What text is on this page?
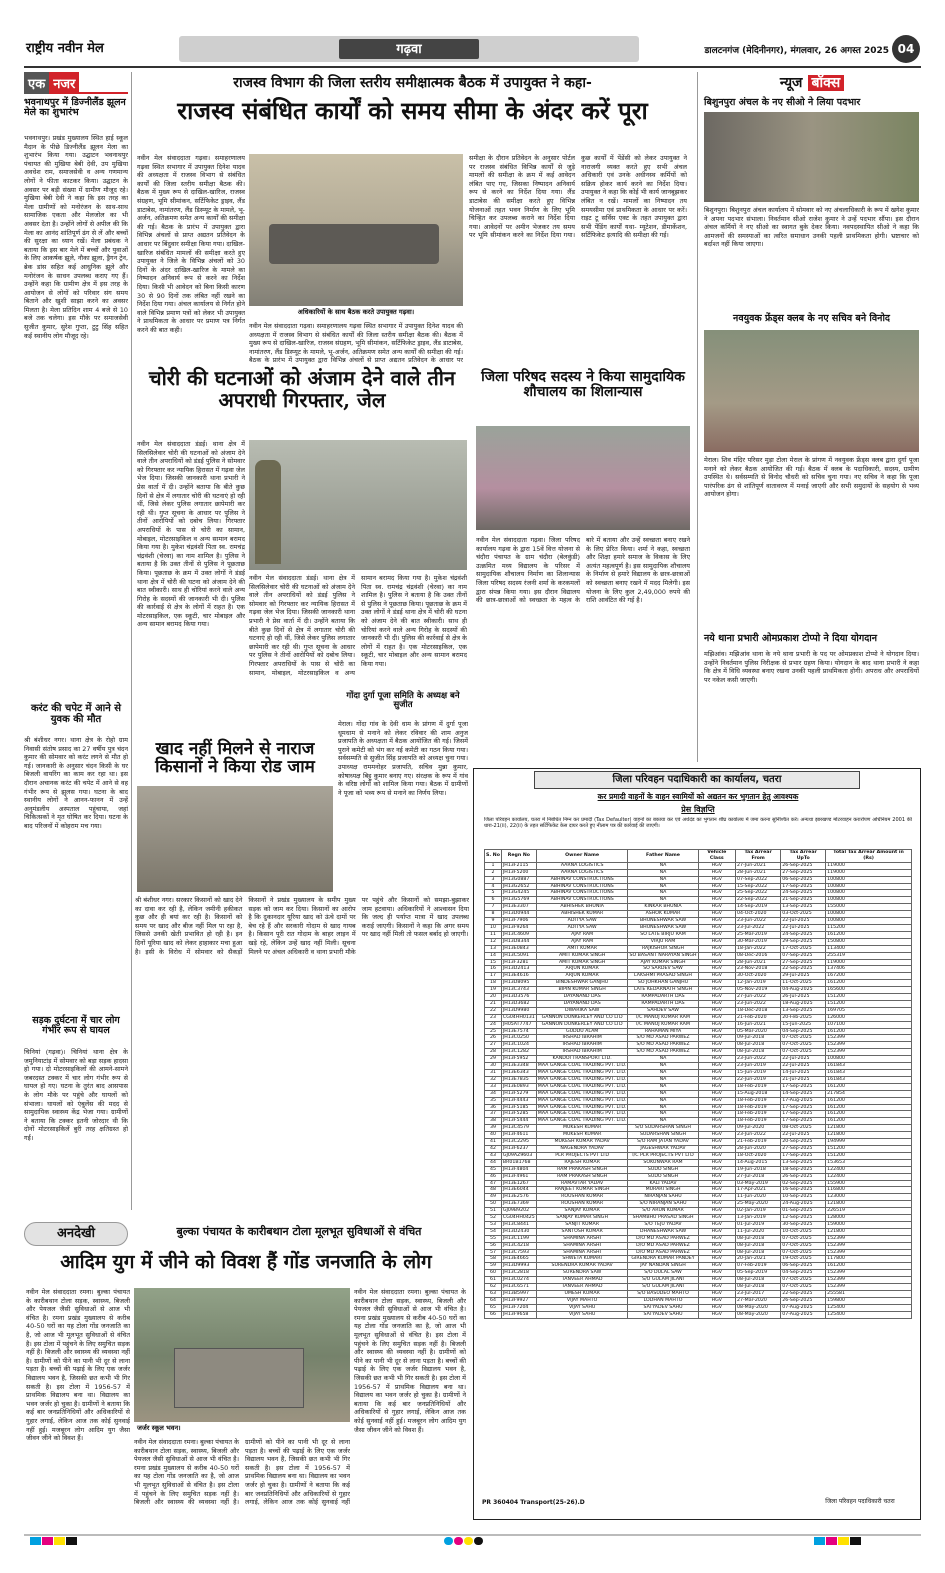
राष्ट्रीय नवीन मेल	गढ़वा	डालटनगंज (मेदिनीनगर), मंगलवार, 26 अगस्त 2025 04
एक नजर
भवनाथपुर में डिज्नीलैंड झूलन मेले का शुभारंभ
भवनाथपुर। प्रखंड मुख्यालय स्थित हाई स्कूल मैदान के पीछे डिज्नीलैंड झूलन मेला का शुभारंभ किया गया। उद्घाटन भवनाथपुर पंचायत की मुखिया बेबी देवी, उप मुखिया अवधेश राम, समाजसेवी व अन्य गणमान्य लोगों ने फीता काटकर किया। उद्घाटन के अवसर पर बड़ी संख्या में ग्रामीण मौजूद रहे। मुखिया बेबी देवी ने कहा कि इस तरह का मेला ग्रामीणों को मनोरंजन के साथ-साथ सामाजिक एकता और मेलजोल का भी अवसर देता है। उन्होंने लोगों से अपील की कि मेला का आनंद शांतिपूर्ण ढंग से लें और बच्चों की सुरक्षा का ध्यान रखें। मेला प्रबंधक ने बताया कि इस बार मेले में बच्चों और युवाओं के लिए आकर्षक झूले, नौका झूला, ड्रैगन ट्रेन, ब्रेक डांस सहित कई आधुनिक झूले और मनोरंजन के साधन उपलब्ध कराए गए हैं। उन्होंने कहा कि ग्रामीण क्षेत्र में इस तरह के आयोजन से लोगों को परिवार संग समय बिताने और खुशी साझा करने का अवसर मिलता है। मेला प्रतिदिन शाम 4 बजे से 10 बजे तक चलेगा। इस मौके पर समाजसेवी सुजीत कुमार, सुरेश गुप्ता, टुटु सिंह सहित कई स्थानीय लोग मौजूद रहे।
करंट की चपेट में आने से युवक की मौत
श्री बंशीधर नगर। थाना क्षेत्र के रोहो ग्राम निवासी संतोष प्रसाद का 27 वर्षीय पुत्र चंदन कुमार की सोमवार को करंट लगने से मौत हो गई। जानकारी के अनुसार चंदन किसी के घर बिजली वायरिंग का काम कर रहा था। इस दौरान अचानक करंट की चपेट में आने से वह गंभीर रूप से झुलस गया। घटना के बाद स्थानीय लोगों ने आनन-फानन में उन्हें अनुमंडलीय अस्पताल पहुंचाया, जहां चिकित्सकों ने मृत घोषित कर दिया। घटना के बाद परिजनों में कोहराम मच गया।
सड़क दुर्घटना में चार लोग गंभीर रूप से घायल
चिनियां (गढ़वा)। चिनियां थाना क्षेत्र के जमुनियाटांड़ में सोमवार को बड़ा सड़क हादसा हो गया। दो मोटरसाइकिलों की आमने-सामने जबरदस्त टक्कर में चार लोग गंभीर रूप से घायल हो गए। घटना के तुरंत बाद आसपास के लोग मौके पर पहुंचे और घायलों को संभाला। घायलों को एंबुलेंस की मदद से सामुदायिक स्वास्थ्य केंद्र भेजा गया। ग्रामीणों ने बताया कि टक्कर इतनी जोरदार थी कि दोनों मोटरसाइकिलें बुरी तरह क्षतिग्रस्त हो गईं।
राजस्व विभाग की जिला स्तरीय समीक्षात्मक बैठक में उपायुक्त ने कहा-
राजस्व संबंधित कार्यों को समय सीमा के अंदर करें पूरा
नवीन मेल संवाददाता गढ़वा। समाहरणालय गढ़वा स्थित सभागार में उपायुक्त दिनेश यादव की अध्यक्षता में राजस्व विभाग से संबंधित कार्यों की जिला स्तरीय समीक्षा बैठक की। बैठक में मुख्य रूप से दाखिल-खारिज, राजस्व संग्रहण, भूमि सीमांकन, सर्टिफिकेट ड्राइव, लैंड डाटाबेस, नामांतरण, लैंड डिस्प्यूट के मामले, भू-अर्जन, अतिक्रमण समेत अन्य कार्यों की समीक्षा की गई। बैठक के प्रारंभ में उपायुक्त द्वारा विभिन्न अंचलों से प्राप्त अद्यतन प्रतिवेदन के आधार पर बिंदुवार समीक्षा किया गया। दाखिल-खारिज संबंधित मामलों की समीक्षा करते हुए उपायुक्त ने जिले के विभिन्न अंचलों को 30 दिनों के अंदर दाखिल-खारिज के मामले का निष्पादन अनिवार्य रूप से करने का निर्देश दिया। किसी भी आवेदन को बिना किसी कारण 30 से 90 दिनों तक लंबित नहीं रखने का निर्देश दिया गया। अंचल कार्यालय से निर्गत होने वाले विभिन्न प्रमाण पत्रों को लेकर भी उपायुक्त ने प्राथमिकता के आधार पर प्रमाण पत्र निर्गत करने की बात कही।
अधिकारियों के साथ बैठक करते उपायुक्त गढ़वा।
नवीन मेल संवाददाता गढ़वा। समाहरणालय गढ़वा स्थित सभागार में उपायुक्त दिनेश यादव की अध्यक्षता में राजस्व विभाग से संबंधित कार्यों की जिला स्तरीय समीक्षा बैठक की। बैठक में मुख्य रूप से दाखिल-खारिज, राजस्व संग्रहण, भूमि सीमांकन, सर्टिफिकेट ड्राइव, लैंड डाटाबेस, नामांतरण, लैंड डिस्प्यूट के मामले, भू-अर्जन, अतिक्रमण समेत अन्य कार्यों की समीक्षा की गई। बैठक के प्रारंभ में उपायुक्त द्वारा विभिन्न अंचलों से प्राप्त अद्यतन प्रतिवेदन के आधार पर
समीक्षा के दौरान प्रतिवेदन के अनुसार पोर्टल पर राजस्व संबंधित विभिन्न कार्यों से जुड़े मामलों की समीक्षा के क्रम में कई आवेदन लंबित पाए गए, जिसका निष्पादन अनिवार्य रूप से करने का निर्देश दिया गया। लैंड डाटाबेस की समीक्षा करते हुए विभिन्न योजनाओं तहत भवन निर्माण के लिए भूमि चिन्हित कर उपलब्ध कराने का निर्देश दिया गया। आवेदनों पर अमीन भेजकर तय समय पर भूमि सीमांकन करने का निर्देश दिया गया। कुछ कार्यों में पेंडेंसी को लेकर उपायुक्त ने नाराजगी व्यक्त करते हुए सभी अंचल अधिकारी एवं उनके अधीनस्थ कर्मियों को सक्रिय होकर कार्य करने का निर्देश दिया। उपायुक्त ने कहा कि कोई भी कार्य जानबूझकर लंबित न रखें। मामलों का निष्पादन तय समयसीमा एवं प्राथमिकता के आधार पर करें। राइट टू सर्विस एक्ट के तहत उपायुक्त द्वारा सभी पेंडिंग कार्यों यथा- म्यूटेशन, डीमार्केशन, सर्टिफिकेट इत्यादि की समीक्षा की गई।
चोरी की घटनाओं को अंजाम देने वाले तीन अपराधी गिरफ्तार, जेल
नवीन मेल संवाददाता डंडई। थाना क्षेत्र में सिलसिलेवार चोरी की घटनाओं को अंजाम देने वाले तीन अपराधियों को डंडई पुलिस ने सोमवार को गिरफ्तार कर न्यायिक हिरासत में गढ़वा जेल भेज दिया। जिसकी जानकारी थाना प्रभारी ने प्रेस वार्ता में दी। उन्होंने बताया कि बीते कुछ दिनों से क्षेत्र में लगातार चोरी की घटनाएं हो रही थीं, जिसे लेकर पुलिस लगातार छापेमारी कर रही थी। गुप्त सूचना के आधार पर पुलिस ने तीनों आरोपियों को दबोच लिया। गिरफ्तार अपराधियों के पास से चोरी का सामान, मोबाइल, मोटरसाइकिल व अन्य सामान बरामद किया गया है। मुकेश चंद्रवंशी पिता स्व. रामचंद्र चंद्रवंशी (चेरवा) का नाम शामिल है। पुलिस ने बताया है कि उक्त तीनों से पुलिस ने पूछताछ किया। पूछताछ के क्रम में उक्त लोगों ने डंडई थाना क्षेत्र में चोरी की घटना को अंजाम देने की बात स्वीकारी। साथ ही चोरियां करने वाले अन्य गिरोह के सदस्यों की जानकारी भी दी। पुलिस की कार्रवाई से क्षेत्र के लोगों में राहत है। एक मोटरसाइकिल, एक स्कूटी, चार मोबाइल और अन्य सामान बरामद किया गया।
नवीन मेल संवाददाता डंडई। थाना क्षेत्र में सिलसिलेवार चोरी की घटनाओं को अंजाम देने वाले तीन अपराधियों को डंडई पुलिस ने सोमवार को गिरफ्तार कर न्यायिक हिरासत में गढ़वा जेल भेज दिया। जिसकी जानकारी थाना प्रभारी ने प्रेस वार्ता में दी। उन्होंने बताया कि बीते कुछ दिनों से क्षेत्र में लगातार चोरी की घटनाएं हो रही थीं, जिसे लेकर पुलिस लगातार छापेमारी कर रही थी। गुप्त सूचना के आधार पर पुलिस ने तीनों आरोपियों को दबोच लिया। गिरफ्तार अपराधियों के पास से चोरी का सामान, मोबाइल, मोटरसाइकिल व अन्य सामान बरामद किया गया है। मुकेश चंद्रवंशी पिता स्व. रामचंद्र चंद्रवंशी (चेरवा) का नाम शामिल है। पुलिस ने बताया है कि उक्त तीनों से पुलिस ने पूछताछ किया। पूछताछ के क्रम में उक्त लोगों ने डंडई थाना क्षेत्र में चोरी की घटना को अंजाम देने की बात स्वीकारी। साथ ही चोरियां करने वाले अन्य गिरोह के सदस्यों की जानकारी भी दी। पुलिस की कार्रवाई से क्षेत्र के लोगों में राहत है। एक मोटरसाइकिल, एक स्कूटी, चार मोबाइल और अन्य सामान बरामद किया गया।
जिला परिषद सदस्य ने किया सामुदायिक शौचालय का शिलान्यास
नवीन मेल संवाददाता गढ़वा। जिला परिषद कार्यालय गढ़वा के द्वारा 15वें वित्त योजना से चंदौरा पंचायत के ग्राम चंदौरा (बेलकुंडी) उत्क्रमित मध्य विद्यालय के परिसर में सामुदायिक शौचालय निर्माण का शिलान्यास जिला परिषद सदस्य रंजनी शर्मा के करकमलों द्वारा संपन्न किया गया। इस दौरान विद्यालय की छात्र-छात्राओं को स्वच्छता के महत्व के बारे में बताया और उन्हें स्वच्छता बनाए रखने के लिए प्रेरित किया। शर्मा ने कहा, स्वच्छता और शिक्षा हमारे समाज के विकास के लिए अत्यंत महत्वपूर्ण है। इस सामुदायिक शौचालय के निर्माण से हमारे विद्यालय के छात्र-छात्राओं को स्वच्छता बनाए रखने में मदद मिलेगी। इस योजना के लिए कुल 2,49,000 रुपये की राशि आवंटित की गई है।
गोंदा दुर्गा पूजा समिति के अध्यक्ष बने सुजीत
मेराल। गोंदा गांव के देवी धाम के प्रांगण में दुर्गा पूजा धूमधाम से मनाने को लेकर रविवार की शाम अनुज प्रजापति के अध्यक्षता में बैठक आयोजित की गई। जिसमें पुराने कमेटी को भंग कर नई कमेटी का गठन किया गया। सर्वसम्मति से सुजीत सिंह प्रजापति को अध्यक्ष चुना गया। उपाध्यक्ष राममनोहर प्रजापति, सचिव मुन्ना कुमार, कोषाध्यक्ष बिट्टू कुमार बनाए गए। संरक्षक के रूप में गांव के वरिष्ठ लोगों को शामिल किया गया। बैठक में ग्रामीणों ने पूजा को भव्य रूप से मनाने का निर्णय लिया।
खाद नहीं मिलने से नाराज किसानों ने किया रोड जाम
श्री बंशीधर नगर। सरकार किसानों को खाद देने का दावा कर रही है, लेकिन जमीनी हकीकत कुछ और ही बयां कर रही है। किसानों को समय पर खाद और बीज नहीं मिल पा रहा है, जिससे उनकी खेती प्रभावित हो रही है। इन दिनों यूरिया खाद को लेकर हाहाकार मचा हुआ है। इसी के विरोध में सोमवार को सैकड़ों किसानों ने प्रखंड मुख्यालय के समीप मुख्य सड़क को जाम कर दिया। किसानों का आरोप है कि दुकानदार यूरिया खाद को ऊंचे दामों पर बेच रहे हैं और सरकारी गोदाम से खाद गायब है। किसान पूरी रात गोदाम के बाहर लाइन में खड़े रहे, लेकिन उन्हें खाद नहीं मिली। सूचना मिलने पर अंचल अधिकारी व थाना प्रभारी मौके पर पहुंचे और किसानों को समझा-बुझाकर जाम हटवाया। अधिकारियों ने आश्वासन दिया कि जल्द ही पर्याप्त मात्रा में खाद उपलब्ध कराई जाएगी। किसानों ने कहा कि अगर समय पर खाद नहीं मिली तो फसल बर्बाद हो जाएगी।
अनदेखी	बुल्का पंचायत के कारीबथान टोला मूलभूत सुविधाओं से वंचित
आदिम युग में जीने को विवश हैं गोंड जनजाति के लोग
नवीन मेल संवाददाता रमना। बुल्का पंचायत के कारीबथान टोला सड़क, स्वास्थ्य, बिजली और पेयजल जैसी सुविधाओं से आज भी वंचित है। रमना प्रखंड मुख्यालय से करीब 40-50 घरों का यह टोला गोंड जनजाति का है, जो आज भी मूलभूत सुविधाओं से वंचित है। इस टोला में पहुंचने के लिए समुचित सड़क नहीं है। बिजली और स्वास्थ्य की व्यवस्था नहीं है। ग्रामीणों को पीने का पानी भी दूर से लाना पड़ता है। बच्चों की पढ़ाई के लिए एक जर्जर विद्यालय भवन है, जिसकी छत कभी भी गिर सकती है। इस टोला में 1956-57 में प्राथमिक विद्यालय बना था। विद्यालय का भवन जर्जर हो चुका है। ग्रामीणों ने बताया कि कई बार जनप्रतिनिधियों और अधिकारियों से गुहार लगाई, लेकिन आज तक कोई सुनवाई नहीं हुई। मजबूरन लोग आदिम युग जैसा जीवन जीने को विवश हैं।
जर्जर स्कूल भवन।
नवीन मेल संवाददाता रमना। बुल्का पंचायत के कारीबथान टोला सड़क, स्वास्थ्य, बिजली और पेयजल जैसी सुविधाओं से आज भी वंचित है। रमना प्रखंड मुख्यालय से करीब 40-50 घरों का यह टोला गोंड जनजाति का है, जो आज भी मूलभूत सुविधाओं से वंचित है। इस टोला में पहुंचने के लिए समुचित सड़क नहीं है। बिजली और स्वास्थ्य की व्यवस्था नहीं है। ग्रामीणों को पीने का पानी भी दूर से लाना पड़ता है। बच्चों की पढ़ाई के लिए एक जर्जर विद्यालय भवन है, जिसकी छत कभी भी गिर सकती है। इस टोला में 1956-57 में प्राथमिक विद्यालय बना था। विद्यालय का भवन जर्जर हो चुका है। ग्रामीणों ने बताया कि कई बार जनप्रतिनिधियों और अधिकारियों से गुहार लगाई, लेकिन आज तक कोई सुनवाई नहीं
नवीन मेल संवाददाता रमना। बुल्का पंचायत के कारीबथान टोला सड़क, स्वास्थ्य, बिजली और पेयजल जैसी सुविधाओं से आज भी वंचित है। रमना प्रखंड मुख्यालय से करीब 40-50 घरों का यह टोला गोंड जनजाति का है, जो आज भी मूलभूत सुविधाओं से वंचित है। इस टोला में पहुंचने के लिए समुचित सड़क नहीं है। बिजली और स्वास्थ्य की व्यवस्था नहीं है। ग्रामीणों को पीने का पानी भी दूर से लाना पड़ता है। बच्चों की पढ़ाई के लिए एक जर्जर विद्यालय भवन है, जिसकी छत कभी भी गिर सकती है। इस टोला में 1956-57 में प्राथमिक विद्यालय बना था। विद्यालय का भवन जर्जर हो चुका है। ग्रामीणों ने बताया कि कई बार जनप्रतिनिधियों और अधिकारियों से गुहार लगाई, लेकिन आज तक कोई सुनवाई नहीं हुई। मजबूरन लोग आदिम युग जैसा जीवन जीने को विवश हैं।
न्यूज बॉक्स
बिशुनपुरा अंचल के नए सीओ ने लिया पदभार
बिशुनपुरा। बिशुनपुरा अंचल कार्यालय में सोमवार को नए अंचलाधिकारी के रूप में खगेश कुमार ने अपना पदभार संभाला। निवर्तमान सीओ राजेश कुमार ने उन्हें पदभार सौंपा। इस दौरान अंचल कर्मियों ने नए सीओ का स्वागत बुके देकर किया। नवपदस्थापित सीओ ने कहा कि आमजनों की समस्याओं का त्वरित समाधान उनकी पहली प्राथमिकता होगी। भ्रष्टाचार को बर्दाश्त नहीं किया जाएगा।
नवयुवक फ्रेंड्स क्लब के नए सचिव बने विनोद
मेराल। शिव मंदिर परिसर मुड़ा टोला मेराल के प्रांगण में नवयुवक फ्रेंड्स क्लब द्वारा दुर्गा पूजा मनाने को लेकर बैठक आयोजित की गई। बैठक में क्लब के पदाधिकारी, सदस्य, ग्रामीण उपस्थित थे। सर्वसम्मति से विनोद चौधरी को सचिव चुना गया। नए सचिव ने कहा कि पूजा पारंपरिक ढंग से शांतिपूर्ण वातावरण में मनाई जाएगी और सभी समुदायों के सहयोग से भव्य आयोजन होगा।
नये थाना प्रभारी ओमप्रकाश टोप्पो ने दिया योगदान
मझिआंव। मझिआंव थाना के नये थाना प्रभारी के पद पर ओमप्रकाश टोप्पो ने योगदान दिया। उन्होंने निवर्तमान पुलिस निरीक्षक से प्रभार ग्रहण किया। योगदान के बाद थाना प्रभारी ने कहा कि क्षेत्र में विधि व्यवस्था बनाए रखना उनकी पहली प्राथमिकता होगी। अपराध और अपराधियों पर नकेल कसी जाएगी।
जिला परिवहन पदाधिकारी का कार्यालय, चतरा
कर प्रमादी वाहनों के वाहन स्वामियों को अद्यतन कर भुगतान हेतु आवश्यक
प्रेस विज्ञप्ति
जिला परिवहन कार्यालय, चतरा में निबंधित निम्न कर प्रमादी (Tax Defaulter) वाहनों का बकाया कर एवं अर्थदंड का भुगतान शीघ्र कार्यालय में जमा करना सुनिश्चित करें। अन्यथा झारखण्ड मोटरवाहन करारोपण अधिनियम 2001 की धारा-21(ii), 22(ii) के तहत सर्टिफिकेट केस दायर करते हुए नीलाम पत्र की कार्रवाई की जाएगी।
S. No	Regn No	Owner Name	Father Name	Vehicle Class	Tax Arrear From	Tax Arrear UpTo	Total Tax Arrear Amount in (Rs)
1	JH13F2115	AARNA LOGISTICS	NA	HGV	27-Jun-2021	26-Sep-2025	119000
2	JH13F5200	AARNA LOGISTICS	NA	HGV	28-Jun-2021	27-Sep-2025	119000
3	JH13G0887	ABHINAV CONSTRUCTIONS	NA	HGV	07-Sep-2022	06-Sep-2025	100800
4	JH13G2652	ABHINAV CONSTRUCTIONS	NA	HGV	15-Sep-2022	17-Sep-2025	100800
5	JH13G4245	ABHINAV CONSTRUCTIONS	NA	HGV	25-Sep-2022	24-Sep-2025	100800
6	JH13G5769	ABHINAV CONSTRUCTIONS	NA	HGV	22-Sep-2022	21-Sep-2025	100800
7	JH13E3307	ABHISHEK BHUNIA	KINKAR BHUNIA	HGV	14-Sep-2019	13-Sep-2025	155000
8	JH13D0944	ABHISHEK KUMAR	ASHOK KUMAR	HGV	04-Oct-2020	03-Oct-2025	100800
9	JH13F7906	ADITYA SAW	BHUNESHWAR SAW	HGV	23-Jun-2022	22-Jul-2025	100800
10	JH13F9264	ADITYA SAW	BHUNESHWAR SAW	HGV	23-Jul-2022	22-Jul-2025	115200
11	JH13C4609	AJAY RAM	SO LATE BIRJU RAM	HGV	25-Mar-2019	24-Sep-2025	161200
12	JH13D8344	AJAY RAM	VIRJU RAM	HGV	30-Mar-2019	29-Sep-2025	150800
13	JH13E0843	AMIT KUMAR	RAJKISHOR SINGH	HGV	18-Jan-2022	17-Oct-2025	113400
14	JH13C5091	AMIT KUMAR SINGH	SO BASANT NARAYAN SINGH	HGV	08-Dec-2016	07-Sep-2025	255319
15	JH13F3281	AMIT KUMAR SINGH	AJAY KUMAR SINGH	HGV	28-Jun-2021	27-Sep-2025	119000
16	JH13D2413	ARJUN KUMAR	SO SARDEV SAW	HGV	23-Nov-2018	22-Sep-2025	137406
17	JH13E4616	ARJUN KUMAR	LAKSHMI PRASAD SINGH	HGV	30-Oct-2020	29-Jul-2025	167200
18	JH13D8095	BINDESHWAR GANJHU	SO JOHKHAN GANJHU	HGV	12-Jan-2019	11-Oct-2025	161200
19	JH13C3743	BIPIN KUMAR SINGH	LATE KEDARNATH SINGH	HGV	05-Nov-2019	04-Aug-2025	165600
20	JH13D3576	DAYANAND DAS	RAMPADARTH DAS	HGV	27-Jun-2022	26-Jul-2025	151200
21	JH13D3682	DAYANAND DAS	RAMPADARTH DAS	HGV	23-Jun-2022	18-Aug-2025	151200
22	JH13D9980	DWARIKA SAW	SAHDEV SAW	HGV	18-Dec-2018	13-Sep-2025	169705
23	CG04HH0131	GANNON DUNKERLEY AND CO LTD	I/C MANOJ KUMAR RAM	HGV	21-Feb-2020	20-Feb-2025	126000
24	JH05AT7747	GANNON DUNKERLEY AND CO LTD	I/C MANOJ KUMAR RAM	HGV	16-Jun-2021	15-Jun-2025	107100
25	JH13E7574	GUDDU ALAM	RAHAMAN MIYA	HGV	05-Mar-2020	04-Sep-2025	161200
26	JH13C0250	IRSHAD IBRAHIM	S/O MD ASAD PARWEZ	HGV	09-Jul-2018	07-Oct-2025	152399
27	JH13C1024	IRSHAD IBRAHIM	S/O MD ASAD PARWEZ	HGV	08-Jul-2018	07-Oct-2025	152399
28	JH13C1282	IRSHAD IBRAHIM	S/O MD ASAD PARWEZ	HGV	08-Jul-2018	07-Oct-2025	152399
29	JH13F5952	KANDOI TRANSPORT LTD.	NA	HGV	23-Jun-2022	22-Jul-2025	100800
30	JH13E3348	MAA GANGE COAL TRADING PVT. LTD.	NA	HGV	23-Jun-2019	22-Jul-2025	161843
31	JH13E6343	MAA GANGE COAL TRADING PVT. LTD.	NA	HGV	15-Jun-2019	14-Jul-2025	161843
32	JH13E7835	MAA GANGE COAL TRADING PVT. LTD.	NA	HGV	22-Jun-2019	21-Jul-2025	161843
33	JH13E0893	MAA GANGE COAL TRADING PVT. LTD.	NA	HGV	18-Feb-2019	17-Sep-2025	161200
34	JH13F5279	MAA GANGE COAL TRADING PVT. LTD.	NA	HGV	15-Aug-2018	14-Sep-2025	217854
35	JH13F4443	MAA GANGE COAL TRADING PVT. LTD.	NA	HGV	18-Feb-2019	17-Aug-2025	161200
36	JH13F5185	MAA GANGE COAL TRADING PVT. LTD.	NA	HGV	18-Feb-2019	17-Sep-2025	161200
37	JH13F5285	MAA GANGE COAL TRADING PVT. LTD.	NA	HGV	18-Feb-2019	17-Sep-2025	161200
38	JH13F5444	MAA GANGE COAL TRADING PVT. LTD.	NA	HGV	18-Feb-2019	17-Sep-2025	161200
39	JH13C4579	MUKESH KUMAR	S/O SUDARSHAN SINGH	HGV	09-Jul-2020	08-Oct-2025	121800
40	JH13F4611	MUKESH KUMAR	SUDARSHAN SINGH	HGV	23-Jun-2022	22-Jul-2025	121800
41	JH13C2295	MUKESH KUMAR YADAV	S/O RAM JATAN YADAV	HGV	21-Feb-2019	20-Sep-2025	194999
42	JH13F6237	NAGENDRA YADAV	JAGESHWAR YADAV	HGV	28-Jun-2020	27-Sep-2025	151200
43	GJ09AZ9603	PLR PROJECTS PVT LTD	I/C PLR PROJECTS PVT LTD	HGV	18-Oct-2020	17-Sep-2025	151200
44	BR01B1768	RAJESH KUMAR	SOKUNWAR RAM	HGV	14-Aug-2015	13-Sep-2025	153653
45	JH13F4804	RAM PRAKASH SINGH	SUDO SINGH	HGV	19-Jun-2018	18-Sep-2025	122400
46	JH13F4961	RAM PRAKASH SINGH	SUDO SINGH	HGV	27-Jul-2018	26-Sep-2025	122400
47	JH13E1267	RAMAVTAR YADAV	KALI YADAV	HGV	03-May-2019	02-Sep-2025	155900
48	JH13E6044	RANJEET KUMAR SINGH	MURARI SINGH	HGV	17-Apr-2021	16-Sep-2025	116800
49	JH13E2576	ROUSHAN KUMAR	NIRANJAN SAHU	HGV	11-Jun-2020	10-Sep-2025	123000
50	JH13E7369	ROUSHAN KUMAR	S/O NIRANJAN SAHU	HGV	25-May-2020	24-Aug-2025	121800
51	GJ09B9202	SANJAY KUMAR	S/O ARUN KUMAR	HGV	02-Jan-2019	01-Sep-2025	226519
52	CG04HH0425	SANJAY KUMAR SINGH	SHAMBHU PRASAD SINGH	HGV	13-Jan-2019	12-Sep-2025	128000
53	JH13C8441	SANJIT KUMAR	S/O TEJU YADAV	HGV	01-Jul-2019	30-Sep-2025	159000
54	JH13D2430	SANTOSH KUMAR	DHANESHWAR SAW	HGV	11-Jul-2020	10-Oct-2025	121800
55	JH13C1199	SHAMINA ARSHI	D/O MD ASAD PARWEZ	HGV	08-Jul-2018	07-Oct-2025	152399
56	JH13C4218	SHAMINA ARSHI	D/O MD ASAD PARWEZ	HGV	08-Jul-2018	07-Oct-2025	152399
57	JH13C7593	SHAMINA ARSHI	D/O MD ASAD PARWEZ	HGV	08-Jul-2018	07-Oct-2025	152399
58	JH13E4665	SHWETA KUMARI	GIRENDRA KUMAR PANDEY	HGV	20-Jan-2021	19-Oct-2025	117800
59	JH13D9993	SURENDRA KUMAR YADAV	JAY NANDAN SINGH	HGV	07-Feb-2019	06-Sep-2025	161200
60	JH13C2818	SURENDRA SAW	S/O DULAL SAW	HGV	05-Sep-2019	04-Sep-2025	152399
61	JH13C0274	TANVEER AHMAD	S/O GULAM JILANI	HGV	08-Jul-2018	07-Oct-2025	152399
62	JH13C6571	TANVEER AHMAD	S/O GULAM JILANI	HGV	08-Jul-2018	07-Oct-2025	152399
63	JH13B5997	UMESH KUMAR	S/O BASUDEO MAHTO	HGV	23-Jul-2017	22-Sep-2025	255581
64	JH13F9927	VIJAY MAHTO	LODHAN MAHTO	HGV	27-Mar-2020	26-Sep-2025	159800
65	JH13F7204	VIJAY SAHU	SATYADEV SAHU	HGV	08-May-2020	07-Aug-2025	125400
66	JH13F9658	VIJAY SAHU	SATYADEV SAHU	HGV	08-May-2020	07-Aug-2025	125400
PR 360404 Transport(25-26).D	जिला परिवहन पदाधिकारी चतरा
